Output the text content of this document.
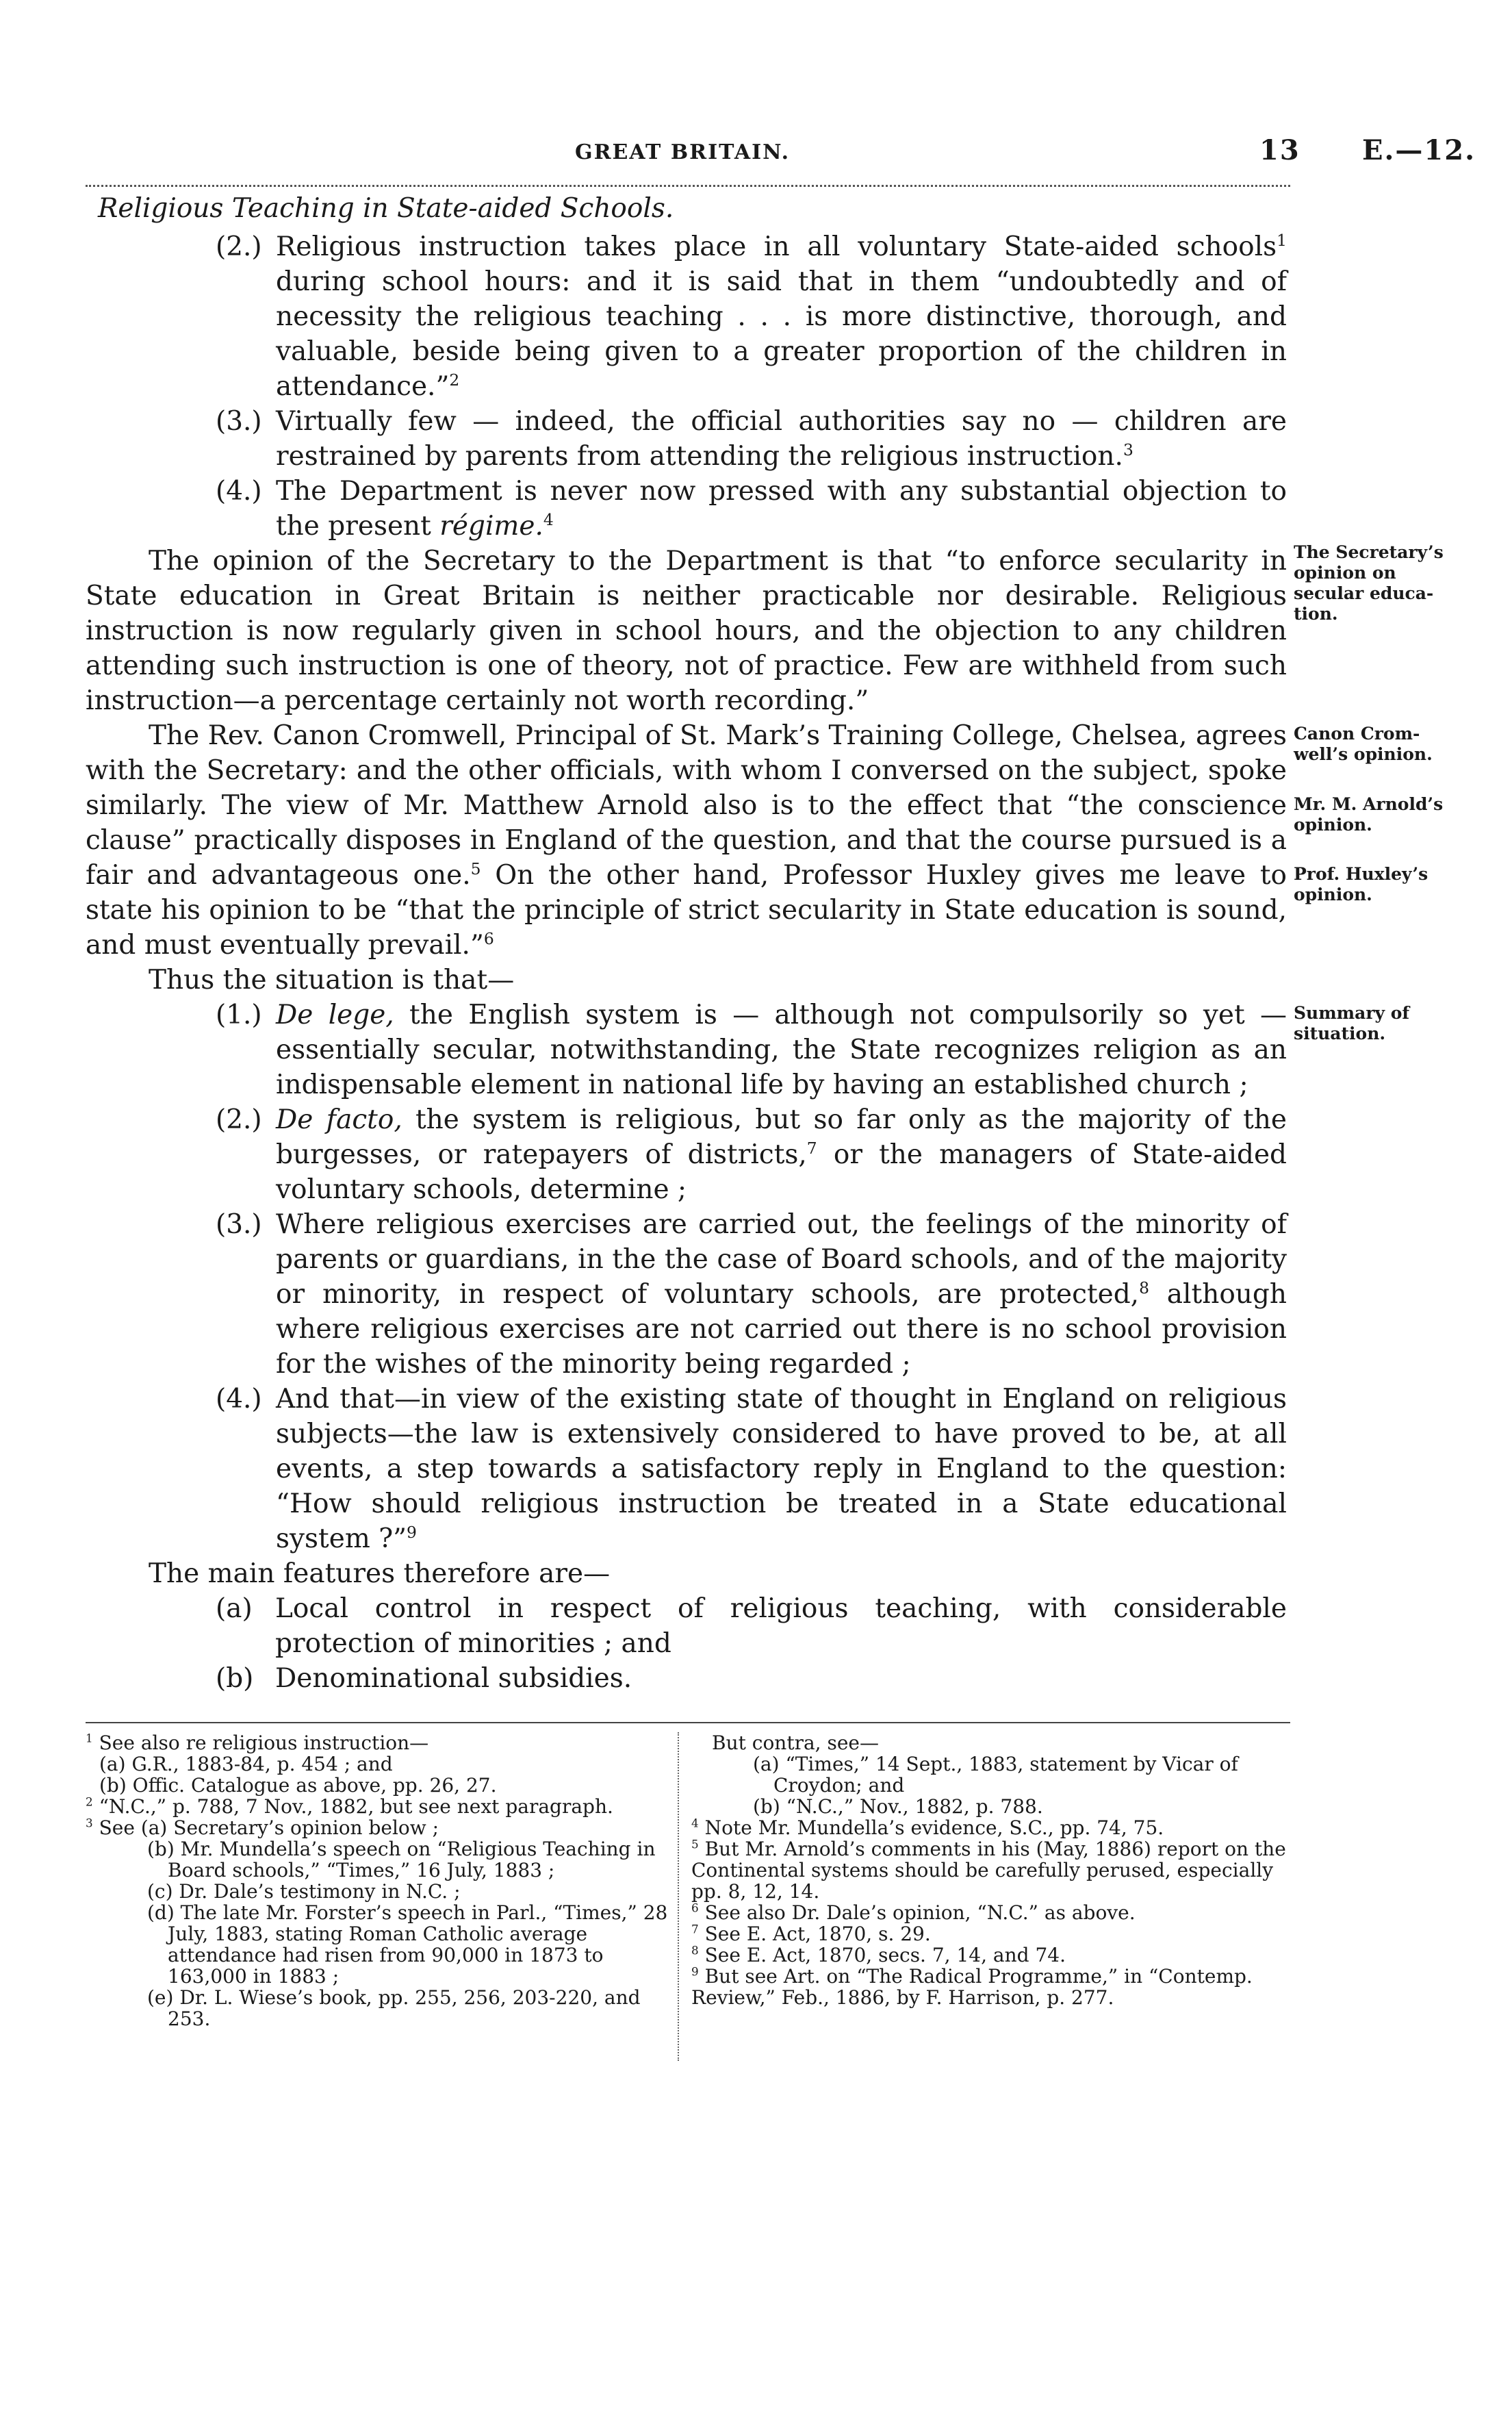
GREAT BRITAIN.	13 E.—12.
Religious Teaching in State-aided Schools.

(2.) Religious instruction takes place in all voluntary State-aided schools$^1$ during school hours: and it is said that in them “undoubtedly and of necessity the religious teaching . . . is more distinctive, thorough, and valuable, beside being given to a greater proportion of the children in attendance.”$^2$

(3.) Virtually few — indeed, the official authorities say no — children are restrained by parents from attending the religious instruction.$^3$

(4.) The Department is never now pressed with any substantial objection to the present régime.$^4$

The opinion of the Secretary to the Department is that “to enforce secularity in State education in Great Britain is neither practicable nor desirable. Religious instruction is now regularly given in school hours, and the objection to any children attending such instruction is one of theory, not of practice. Few are withheld from such instruction—a percentage certainly not worth recording.”

The Rev. Canon Cromwell, Principal of St. Mark’s Training College, Chelsea, agrees with the Secretary: and the other officials, with whom I conversed on the subject, spoke similarly. The view of Mr. Matthew Arnold also is to the effect that “the conscience clause” practically disposes in England of the question, and that the course pursued is a fair and advantageous one.$^5$ On the other hand, Professor Huxley gives me leave to state his opinion to be “that the principle of strict secularity in State education is sound, and must eventually prevail.”$^6$

Thus the situation is that—

(1.) De lege, the English system is — although not compulsorily so yet — essentially secular, notwithstanding, the State recognizes religion as an indispensable element in national life by having an established church ;

(2.) De facto, the system is religious, but so far only as the majority of the burgesses, or ratepayers of districts,$^7$ or the managers of State-aided voluntary schools, determine ;

(3.) Where religious exercises are carried out, the feelings of the minority of parents or guardians, in the the case of Board schools, and of the majority or minority, in respect of voluntary schools, are protected,$^8$ although where religious exercises are not carried out there is no school provision for the wishes of the minority being regarded ;

(4.) And that—in view of the existing state of thought in England on religious subjects—the law is extensively considered to have proved to be, at all events, a step towards a satisfactory reply in England to the question: “How should religious instruction be treated in a State educational system ?”$^9$

The main features therefore are—

(a) Local control in respect of religious teaching, with considerable protection of minorities ; and

(b) Denominational subsidies.

The Secretary’s
opinion on
secular educa-
tion.
Canon Crom-
well’s opinion.
Mr. M. Arnold’s
opinion.
Prof. Huxley’s
opinion.
Summary of
situation.

$^1$ See also re religious instruction—

(a) G.R., 1883-84, p. 454 ; and

(b) Offic. Catalogue as above, pp. 26, 27.

$^2$ “N.C.,” p. 788, 7 Nov., 1882, but see next paragraph.

$^3$ See (a) Secretary’s opinion below ;

(b) Mr. Mundella’s speech on “Religious Teaching in Board schools,” “Times,” 16 July, 1883 ;

(c) Dr. Dale’s testimony in N.C. ;

(d) The late Mr. Forster’s speech in Parl., “Times,” 28 July, 1883, stating Roman Catholic average attendance had risen from 90,000 in 1873 to 163,000 in 1883 ;

(e) Dr. L. Wiese’s book, pp. 255, 256, 203-220, and 253.

But contra, see—

(a) “Times,” 14 Sept., 1883, statement by Vicar of Croydon; and

(b) “N.C.,” Nov., 1882, p. 788.

$^4$ Note Mr. Mundella’s evidence, S.C., pp. 74, 75.

$^5$ But Mr. Arnold’s comments in his (May, 1886) report on the Continental systems should be carefully perused, especially pp. 8, 12, 14.

$^6$ See also Dr. Dale’s opinion, “N.C.” as above.

$^7$ See E. Act, 1870, s. 29.

$^8$ See E. Act, 1870, secs. 7, 14, and 74.

$^9$ But see Art. on “The Radical Programme,” in “Contemp. Review,” Feb., 1886, by F. Harrison, p. 277.
